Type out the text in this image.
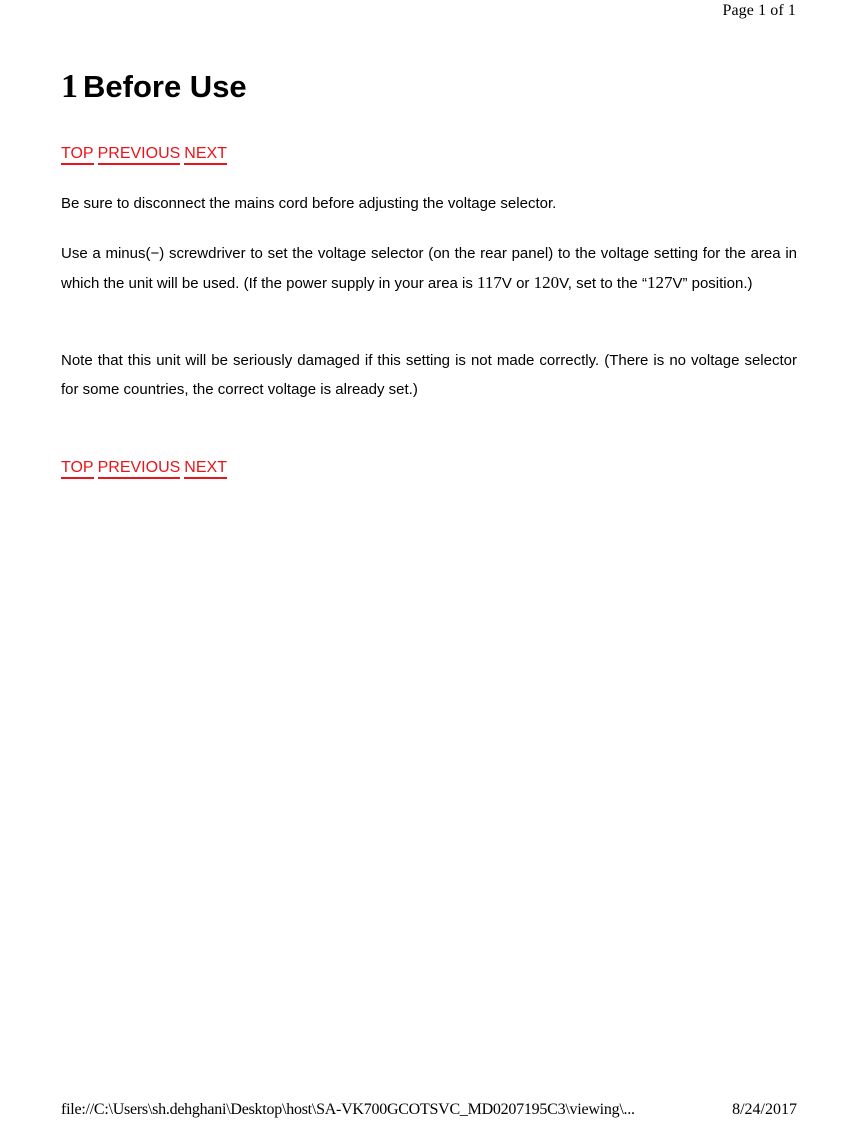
Page 1 of 1
1 Before Use
TOP PREVIOUS NEXT

Be sure to disconnect the mains cord before adjusting the voltage selector.

Use a minus(−) screwdriver to set the voltage selector (on the rear panel) to the voltage setting for the area in which the unit will be used. (If the power supply in your area is 117V or 120V, set to the “127V” position.)

Note that this unit will be seriously damaged if this setting is not made correctly. (There is no voltage selector for some countries, the correct voltage is already set.)

TOP PREVIOUS NEXT
file://C:\Users\sh.dehghani\Desktop\host\SA-VK700GCOTSVC_MD0207195C3\viewing\...	8/24/2017
